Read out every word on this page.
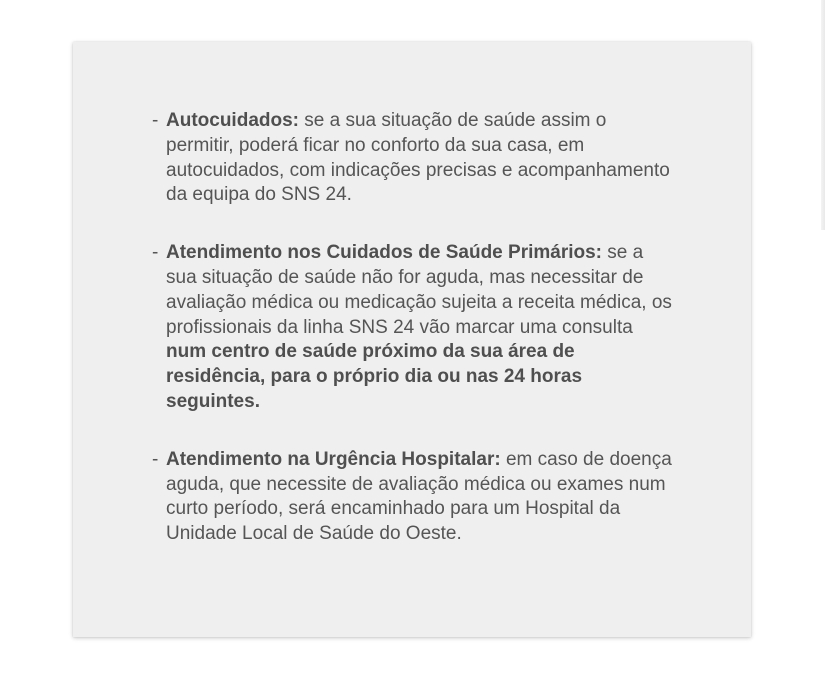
- Autocuidados: se a sua situação de saúde assim o permitir, poderá ficar no conforto da sua casa, em autocuidados, com indicações precisas e acompanhamento da equipa do SNS 24.

- Atendimento nos Cuidados de Saúde Primários: se a sua situação de saúde não for aguda, mas necessitar de avaliação médica ou medicação sujeita a receita médica, os profissionais da linha SNS 24 vão marcar uma consulta num centro de saúde próximo da sua área de residência, para o próprio dia ou nas 24 horas seguintes.

- Atendimento na Urgência Hospitalar: em caso de doença aguda, que necessite de avaliação médica ou exames num curto período, será encaminhado para um Hospital da Unidade Local de Saúde do Oeste.
